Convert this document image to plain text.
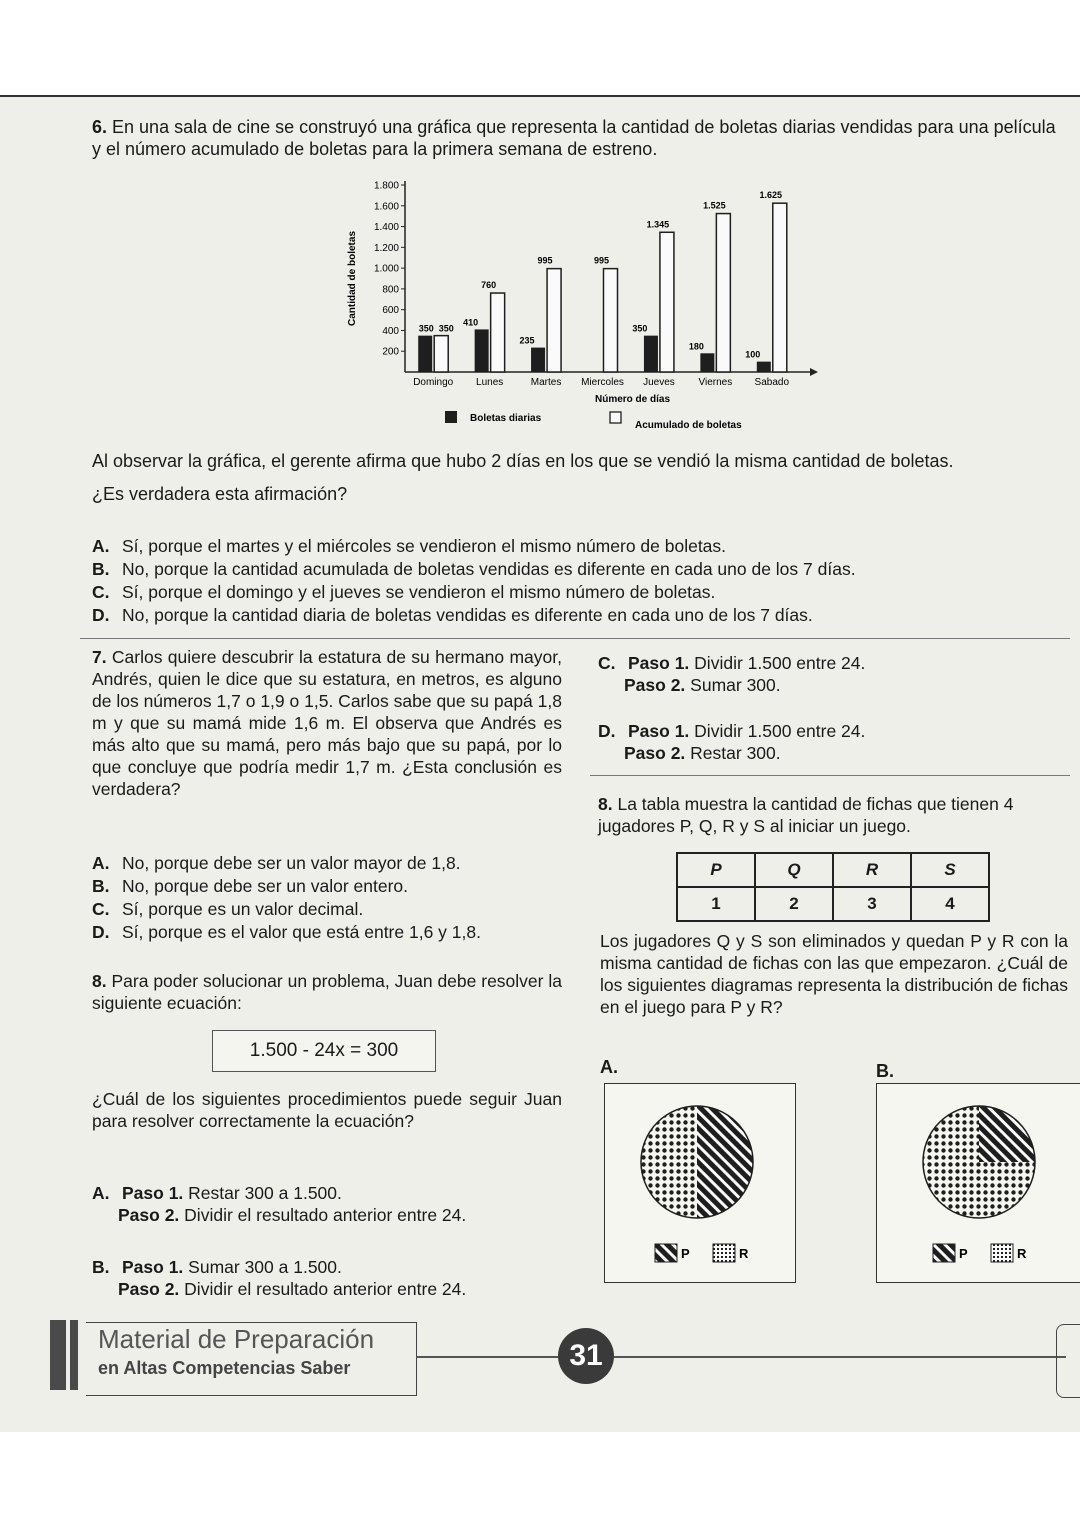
6. En una sala de cine se construyó una gráfica que representa la cantidad de boletas diarias vendidas para una película y el número acumulado de boletas para la primera semana de estreno.
200
400
600
800
1.000
1.200
1.400
1.600
1.800
Cantidad de boletas
350 350
Domingo
410
760
Lunes
235
995
Martes
995
Miercoles
350
1.345
Jueves
180
1.525
Viernes
100
1.625
Sabado
Número de días
Boletas diarias
Acumulado de boletas
Al observar la gráfica, el gerente afirma que hubo 2 días en los que se vendió la misma cantidad de boletas.
¿Es verdadera esta afirmación?
A. Sí, porque el martes y el miércoles se vendieron el mismo número de boletas.
B. No, porque la cantidad acumulada de boletas vendidas es diferente en cada uno de los 7 días.
C. Sí, porque el domingo y el jueves se vendieron el mismo número de boletas.
D. No, porque la cantidad diaria de boletas vendidas es diferente en cada uno de los 7 días.
7. Carlos quiere descubrir la estatura de su hermano mayor, Andrés, quien le dice que su estatura, en metros, es alguno de los números 1,7 o 1,9 o 1,5. Carlos sabe que su papá 1,8 m y que su mamá mide 1,6 m. El observa que Andrés es más alto que su mamá, pero más bajo que su papá, por lo que concluye que podría medir 1,7 m. ¿Esta conclusión es verdadera?
A. No, porque debe ser un valor mayor de 1,8.
B. No, porque debe ser un valor entero.
C. Sí, porque es un valor decimal.
D. Sí, porque es el valor que está entre 1,6 y 1,8.
8. Para poder solucionar un problema, Juan debe resolver la siguiente ecuación:
1.500 - 24x = 300
¿Cuál de los siguientes procedimientos puede seguir Juan para resolver correctamente la ecuación?
A. Paso 1. Restar 300 a 1.500.
Paso 2. Dividir el resultado anterior entre 24.
B. Paso 1. Sumar 300 a 1.500.
Paso 2. Dividir el resultado anterior entre 24.
C. Paso 1. Dividir 1.500 entre 24.
Paso 2. Sumar 300.
D. Paso 1. Dividir 1.500 entre 24.
Paso 2. Restar 300.
8. La tabla muestra la cantidad de fichas que tienen 4 jugadores P, Q, R y S al iniciar un juego.
P	Q	R	S
1	2	3	4
Los jugadores Q y S son eliminados y quedan P y R con la misma cantidad de fichas con las que empezaron. ¿Cuál de los siguientes diagramas representa la distribución de fichas en el juego para P y R?
A.	B.
P	R	P	R
Material de Preparación
en Altas Competencias Saber	31
